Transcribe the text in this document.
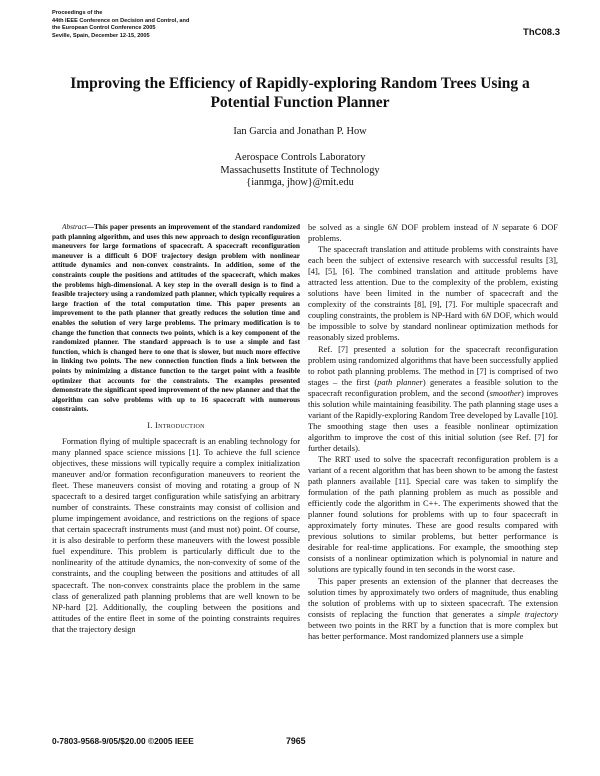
Proceedings of the
44th IEEE Conference on Decision and Control, and
the European Control Conference 2005
Seville, Spain, December 12-15, 2005	ThC08.3
Improving the Efficiency of Rapidly-exploring Random Trees Using a
Potential Function Planner
Ian Garcia and Jonathan P. How
Aerospace Controls Laboratory
Massachusetts Institute of Technology
{ianmga, jhow}@mit.edu

Abstract—This paper presents an improvement of the standard randomized path planning algorithm, and uses this new approach to design reconfiguration maneuvers for large formations of spacecraft. A spacecraft reconfiguration maneuver is a difficult 6 DOF trajectory design problem with nonlinear attitude dynamics and non-convex constraints. In addition, some of the constraints couple the positions and attitudes of the spacecraft, which makes the problems high-dimensional. A key step in the overall design is to find a feasible trajectory using a randomized path planner, which typically requires a large fraction of the total computation time. This paper presents an improvement to the path planner that greatly reduces the solution time and enables the solution of very large problems. The primary modification is to change the function that connects two points, which is a key component of the randomized planner. The standard approach is to use a simple and fast function, which is changed here to one that is slower, but much more effective in linking two points. The new connection function finds a link between the points by minimizing a distance function to the target point with a feasible optimizer that accounts for the constraints. The examples presented demonstrate the significant speed improvement of the new planner and that the algorithm can solve problems with up to 16 spacecraft with numerous constraints.

I. Introduction

Formation flying of multiple spacecraft is an enabling technology for many planned space science missions [1]. To achieve the full science objectives, these missions will typically require a complex initialization maneuver and/or formation reconfiguration maneuvers to reorient the fleet. These maneuvers consist of moving and rotating a group of N spacecraft to a desired target configuration while satisfying an arbitrary number of constraints. These constraints may consist of collision and plume impingement avoidance, and restrictions on the regions of space that certain spacecraft instruments must (and must not) point. Of course, it is also desirable to perform these maneuvers with the lowest possible fuel expenditure. This problem is particularly difficult due to the nonlinearity of the attitude dynamics, the non-convexity of some of the constraints, and the coupling between the positions and attitudes of all spacecraft. The non-convex constraints place the problem in the same class of generalized path planning problems that are well known to be NP-hard [2]. Additionally, the coupling between the positions and attitudes of the entire fleet in some of the pointing constraints requires that the trajectory design

be solved as a single 6N DOF problem instead of N separate 6 DOF problems.

The spacecraft translation and attitude problems with constraints have each been the subject of extensive research with successful results [3], [4], [5], [6]. The combined translation and attitude problems have attracted less attention. Due to the complexity of the problem, existing solutions have been limited in the number of spacecraft and the complexity of the constraints [8], [9], [7]. For multiple spacecraft and coupling constraints, the problem is NP-Hard with 6N DOF, which would be impossible to solve by standard nonlinear optimization methods for reasonably sized problems.

Ref. [7] presented a solution for the spacecraft reconfiguration problem using randomized algorithms that have been successfully applied to robot path planning problems. The method in [7] is comprised of two stages – the first (path planner) generates a feasible solution to the spacecraft reconfiguration problem, and the second (smoother) improves this solution while maintaining feasibility. The path planning stage uses a variant of the Rapidly-exploring Random Tree developed by Lavalle [10]. The smoothing stage then uses a feasible nonlinear optimization algorithm to improve the cost of this initial solution (see Ref. [7] for further details).

The RRT used to solve the spacecraft reconfiguration problem is a variant of a recent algorithm that has been shown to be among the fastest path planners available [11]. Special care was taken to simplify the formulation of the path planning problem as much as possible and efficiently code the algorithm in C++. The experiments showed that the planner found solutions for problems with up to four spacecraft in approximately forty minutes. These are good results compared with previous solutions to similar problems, but better performance is desirable for real-time applications. For example, the smoothing step consists of a nonlinear optimization which is polynomial in nature and solutions are typically found in ten seconds in the worst case.

This paper presents an extension of the planner that decreases the solution times by approximately two orders of magnitude, thus enabling the solution of problems with up to sixteen spacecraft. The extension consists of replacing the function that generates a simple trajectory between two points in the RRT by a function that is more complex but has better performance. Most randomized planners use a simple

0-7803-9568-9/05/$20.00 ©2005 IEEE	7965
